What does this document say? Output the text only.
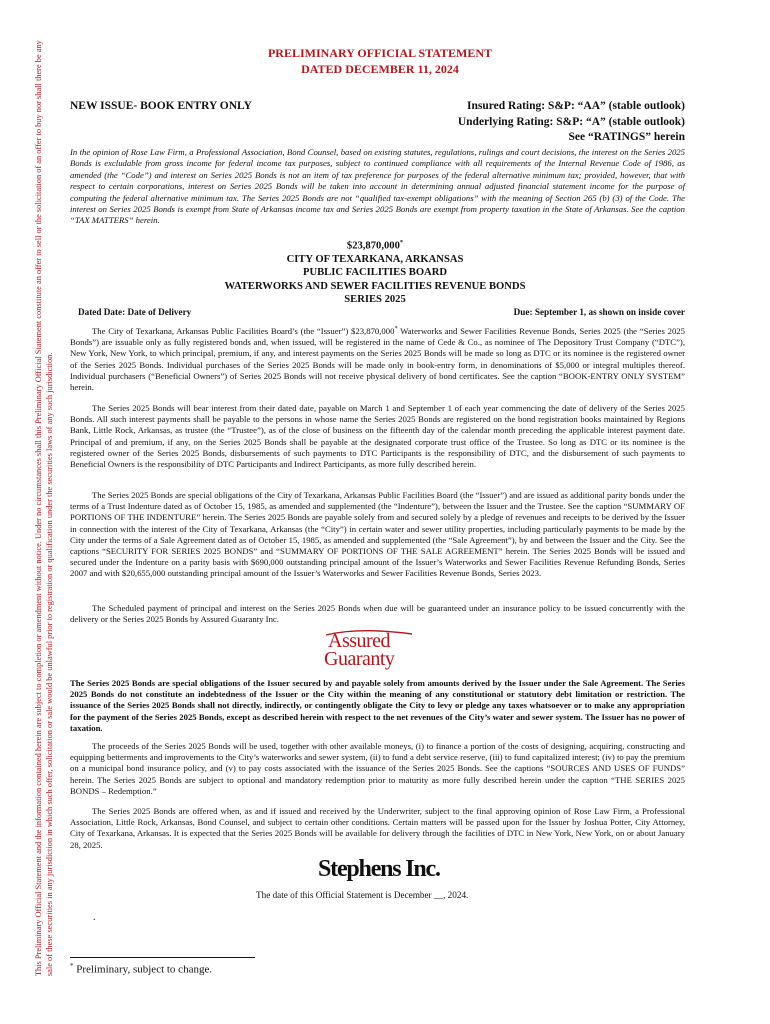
This Preliminary Official Statement and the information contained herein are subject to completion or amendment without notice. Under no circumstances shall this Preliminary Official Statement constitute an offer to sell or the solicitation of an offer to buy nor shall there be any sale of these securities in any jurisdiction in which such offer, solicitation or sale would be unlawful prior to registration or qualification under the securities laws of any such jurisdiction.
PRELIMINARY OFFICIAL STATEMENT
DATED DECEMBER 11, 2024
NEW ISSUE- BOOK ENTRY ONLY	Insured Rating: S&P: “AA” (stable outlook)
Underlying Rating: S&P: “A” (stable outlook)
See “RATINGS” herein
In the opinion of Rose Law Firm, a Professional Association, Bond Counsel, based on existing statutes, regulations, rulings and court decisions, the interest on the Series 2025 Bonds is excludable from gross income for federal income tax purposes, subject to continued compliance with all requirements of the Internal Revenue Code of 1986, as amended (the “Code”) and interest on Series 2025 Bonds is not an item of tax preference for purposes of the federal alternative minimum tax; provided, however, that with respect to certain corporations, interest on Series 2025 Bonds will be taken into account in determining annual adjusted financial statement income for the purpose of computing the federal alternative minimum tax. The Series 2025 Bonds are not “qualified tax-exempt obligations” with the meaning of Section 265 (b) (3) of the Code. The interest on Series 2025 Bonds is exempt from State of Arkansas income tax and Series 2025 Bonds are exempt from property taxation in the State of Arkansas. See the caption “TAX MATTERS” herein.
$23,870,000*
CITY OF TEXARKANA, ARKANSAS
PUBLIC FACILITIES BOARD
WATERWORKS AND SEWER FACILITIES REVENUE BONDS
SERIES 2025
Dated Date: Date of Delivery	Due: September 1, as shown on inside cover
The City of Texarkana, Arkansas Public Facilities Board’s (the “Issuer”) $23,870,000* Waterworks and Sewer Facilities Revenue Bonds, Series 2025 (the “Series 2025 Bonds”) are issuable only as fully registered bonds and, when issued, will be registered in the name of Cede & Co., as nominee of The Depository Trust Company (“DTC”), New York, New York, to which principal, premium, if any, and interest payments on the Series 2025 Bonds will be made so long as DTC or its nominee is the registered owner of the Series 2025 Bonds. Individual purchases of the Series 2025 Bonds will be made only in book-entry form, in denominations of $5,000 or integral multiples thereof. Individual purchasers (“Beneficial Owners”) of Series 2025 Bonds will not receive physical delivery of bond certificates. See the caption “BOOK-ENTRY ONLY SYSTEM” herein.
The Series 2025 Bonds will bear interest from their dated date, payable on March 1 and September 1 of each year commencing the date of delivery of the Series 2025 Bonds. All such interest payments shall be payable to the persons in whose name the Series 2025 Bonds are registered on the bond registration books maintained by Regions Bank, Little Rock, Arkansas, as trustee (the “Trustee”), as of the close of business on the fifteenth day of the calendar month preceding the applicable interest payment date. Principal of and premium, if any, on the Series 2025 Bonds shall be payable at the designated corporate trust office of the Trustee. So long as DTC or its nominee is the registered owner of the Series 2025 Bonds, disbursements of such payments to DTC Participants is the responsibility of DTC, and the disbursement of such payments to Beneficial Owners is the responsibility of DTC Participants and Indirect Participants, as more fully described herein.
The Series 2025 Bonds are special obligations of the City of Texarkana, Arkansas Public Facilities Board (the “Issuer”) and are issued as additional parity bonds under the terms of a Trust Indenture dated as of October 15, 1985, as amended and supplemented (the “Indenture”), between the Issuer and the Trustee. See the caption “SUMMARY OF PORTIONS OF THE INDENTURE” herein. The Series 2025 Bonds are payable solely from and secured solely by a pledge of revenues and receipts to be derived by the Issuer in connection with the interest of the City of Texarkana, Arkansas (the “City”) in certain water and sewer utility properties, including particularly payments to be made by the City under the terms of a Sale Agreement dated as of October 15, 1985, as amended and supplemented (the “Sale Agreement”), by and between the Issuer and the City. See the captions “SECURITY FOR SERIES 2025 BONDS” and “SUMMARY OF PORTIONS OF THE SALE AGREEMENT” herein. The Series 2025 Bonds will be issued and secured under the Indenture on a parity basis with $690,000 outstanding principal amount of the Issuer’s Waterworks and Sewer Facilities Revenue Refunding Bonds, Series 2007 and with $20,655,000 outstanding principal amount of the Issuer’s Waterworks and Sewer Facilities Revenue Bonds, Series 2023.
The Scheduled payment of principal and interest on the Series 2025 Bonds when due will be guaranteed under an insurance policy to be issued concurrently with the delivery or the Series 2025 Bonds by Assured Guaranty Inc.
Assured
Guaranty
The Series 2025 Bonds are special obligations of the Issuer secured by and payable solely from amounts derived by the Issuer under the Sale Agreement. The Series 2025 Bonds do not constitute an indebtedness of the Issuer or the City within the meaning of any constitutional or statutory debt limitation or restriction. The issuance of the Series 2025 Bonds shall not directly, indirectly, or contingently obligate the City to levy or pledge any taxes whatsoever or to make any appropriation for the payment of the Series 2025 Bonds, except as described herein with respect to the net revenues of the City’s water and sewer system. The Issuer has no power of taxation.
The proceeds of the Series 2025 Bonds will be used, together with other available moneys, (i) to finance a portion of the costs of designing, acquiring, constructing and equipping betterments and improvements to the City’s waterworks and sewer system, (ii) to fund a debt service reserve, (iii) to fund capitalized interest; (iv) to pay the premium on a municipal bond insurance policy, and (v) to pay costs associated with the issuance of the Series 2025 Bonds. See the captions “SOURCES AND USES OF FUNDS” herein. The Series 2025 Bonds are subject to optional and mandatory redemption prior to maturity as more fully described herein under the caption “THE SERIES 2025 BONDS – Redemption.”
The Series 2025 Bonds are offered when, as and if issued and received by the Underwriter, subject to the final approving opinion of Rose Law Firm, a Professional Association, Little Rock, Arkansas, Bond Counsel, and subject to certain other conditions. Certain matters will be passed upon for the Issuer by Joshua Potter, City Attorney, City of Texarkana, Arkansas. It is expected that the Series 2025 Bonds will be available for delivery through the facilities of DTC in New York, New York, on or about January 28, 2025.
Stephens Inc.
The date of this Official Statement is December __, 2024.
.
* Preliminary, subject to change.
